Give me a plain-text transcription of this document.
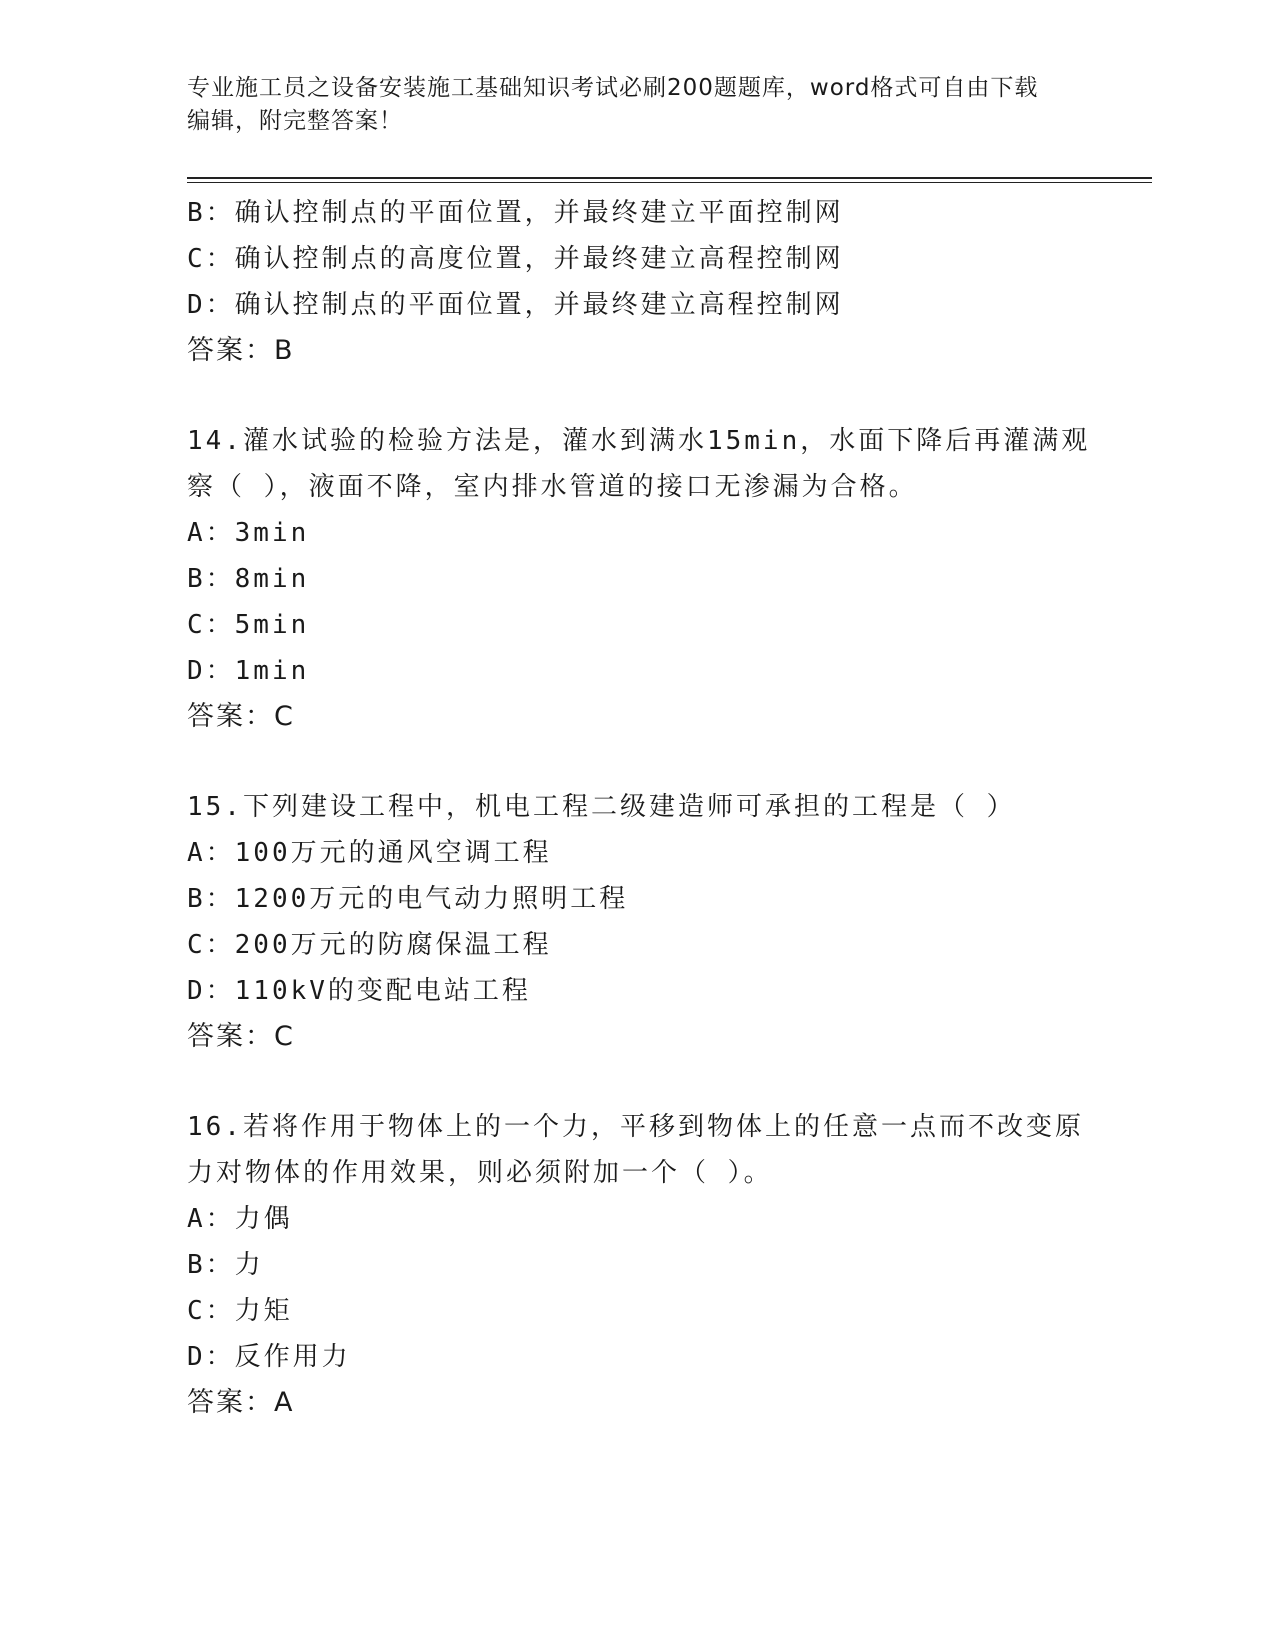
专业施工员之设备安装施工基础知识考试必刷200题题库，word格式可自由下载
编辑，附完整答案！
B：确认控制点的平面位置，并最终建立平面控制网
C：确认控制点的高度位置，并最终建立高程控制网
D：确认控制点的平面位置，并最终建立高程控制网
答案：B
14.灌水试验的检验方法是，灌水到满水15min，水面下降后再灌满观
察（ ），液面不降，室内排水管道的接口无渗漏为合格。
A：3min
B：8min
C：5min
D：1min
答案：C
15.下列建设工程中，机电工程二级建造师可承担的工程是（ ）
A：100万元的通风空调工程
B：1200万元的电气动力照明工程
C：200万元的防腐保温工程
D：110kV的变配电站工程
答案：C
16.若将作用于物体上的一个力，平移到物体上的任意一点而不改变原
力对物体的作用效果，则必须附加一个（ ）。
A：力偶
B：力
C：力矩
D：反作用力
答案：A
